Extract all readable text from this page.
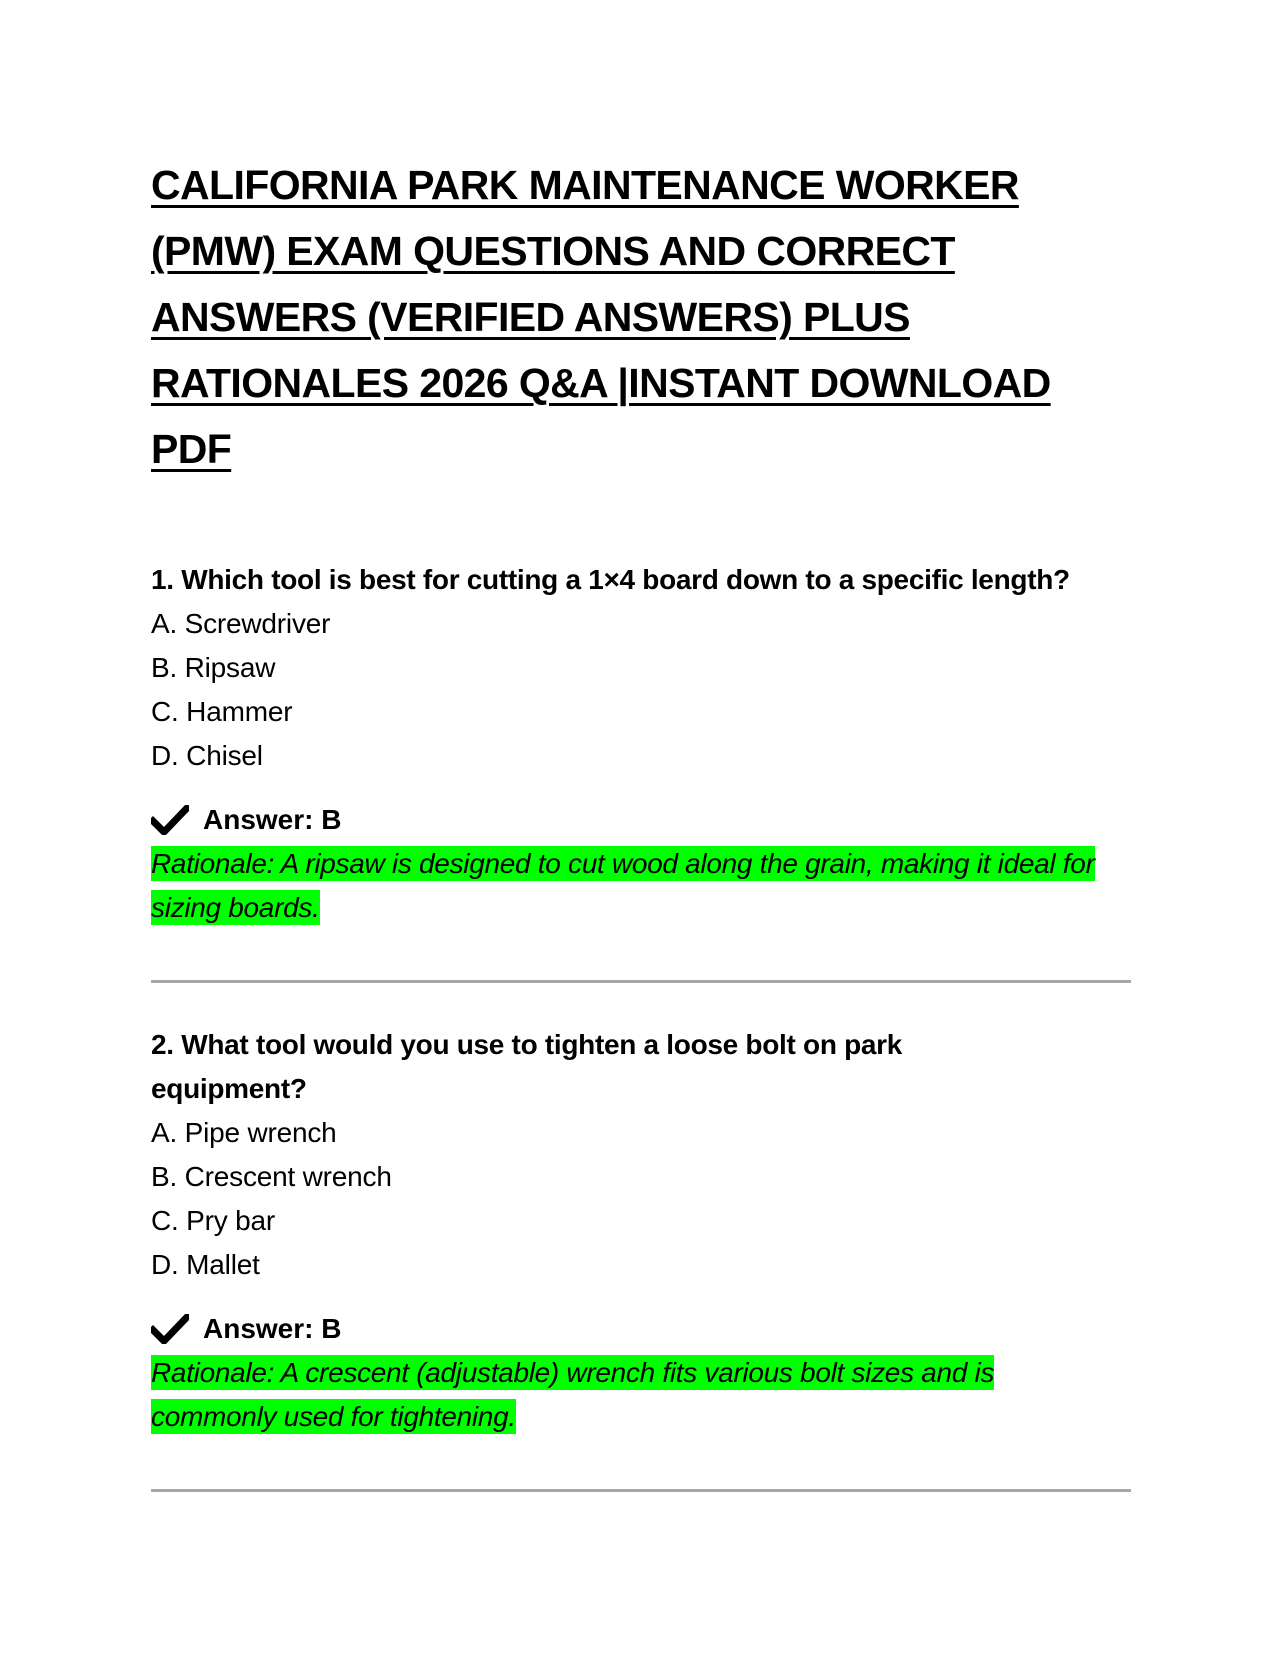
CALIFORNIA PARK MAINTENANCE WORKER (PMW) EXAM QUESTIONS AND CORRECT ANSWERS (VERIFIED ANSWERS) PLUS RATIONALES 2026 Q&A |INSTANT DOWNLOAD PDF
1. Which tool is best for cutting a 1×4 board down to a specific length?
A. Screwdriver
B. Ripsaw
C. Hammer
D. Chisel
Answer: B
Rationale: A ripsaw is designed to cut wood along the grain, making it ideal for sizing boards.
2. What tool would you use to tighten a loose bolt on park equipment?
A. Pipe wrench
B. Crescent wrench
C. Pry bar
D. Mallet
Answer: B
Rationale: A crescent (adjustable) wrench fits various bolt sizes and is commonly used for tightening.
